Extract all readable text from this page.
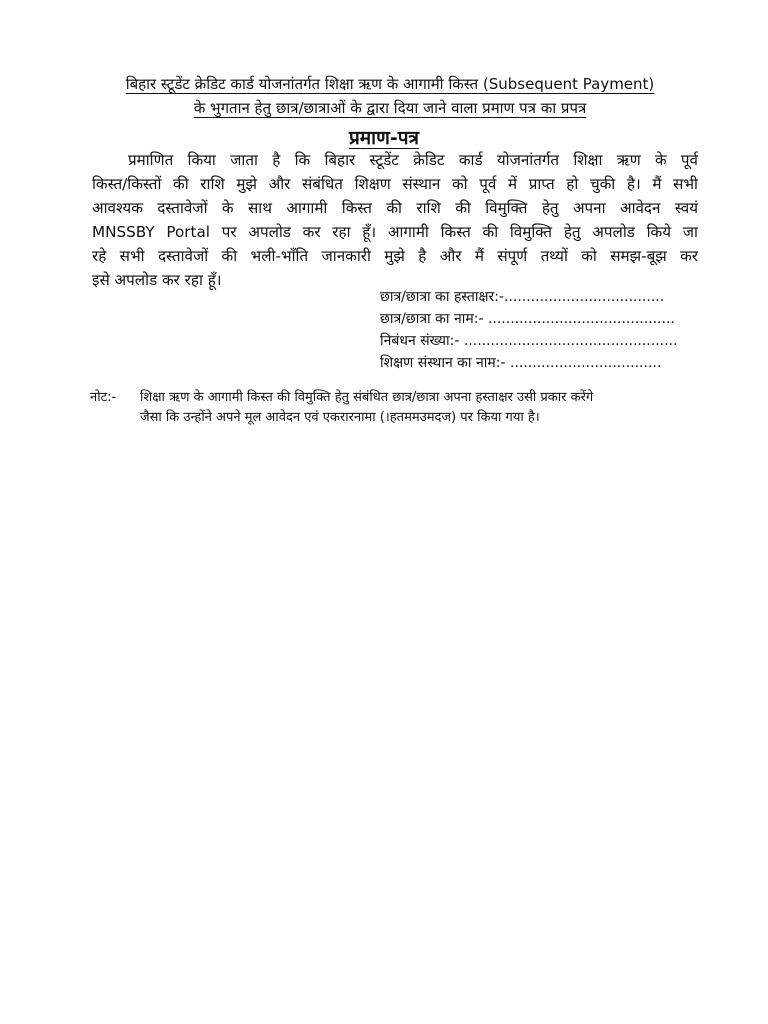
बिहार स्टूडेंट क्रेडिट कार्ड योजनांतर्गत शिक्षा ऋण के आगामी किस्त (Subsequent Payment)
के भुगतान हेतु छात्र/छात्राओं के द्वारा दिया जाने वाला प्रमाण पत्र का प्रपत्र
प्रमाण-पत्र
प्रमाणित किया जाता है कि बिहार स्टूडेंट क्रेडिट कार्ड योजनांतर्गत शिक्षा ऋण के पूर्व
किस्त/किस्तों की राशि मुझे और संबंधित शिक्षण संस्थान को पूर्व में प्राप्त हो चुकी है। मैं सभी
आवश्यक दस्तावेजों के साथ आगामी किस्त की राशि की विमुक्ति हेतु अपना आवेदन स्वयं
MNSSBY Portal पर अपलोड कर रहा हूँ। आगामी किस्त की विमुक्ति हेतु अपलोड किये जा
रहे सभी दस्तावेजों की भली-भाँति जानकारी मुझे है और मैं संपूर्ण तथ्यों को समझ-बूझ कर
इसे अपलोड कर रहा हूँ।
छात्र/छात्रा का हस्ताक्षर:-....................................
छात्र/छात्रा का नाम:- ..........................................
निबंधन संख्या:- ................................................
शिक्षण संस्थान का नाम:- ..................................
नोट:- शिक्षा ऋण के आगामी किस्त की विमुक्ति हेतु संबंधित छात्र/छात्रा अपना हस्ताक्षर उसी प्रकार करेंगे
जैसा कि उन्होंने अपने मूल आवेदन एवं एकरारनामा (।हतममउमदज) पर किया गया है।
